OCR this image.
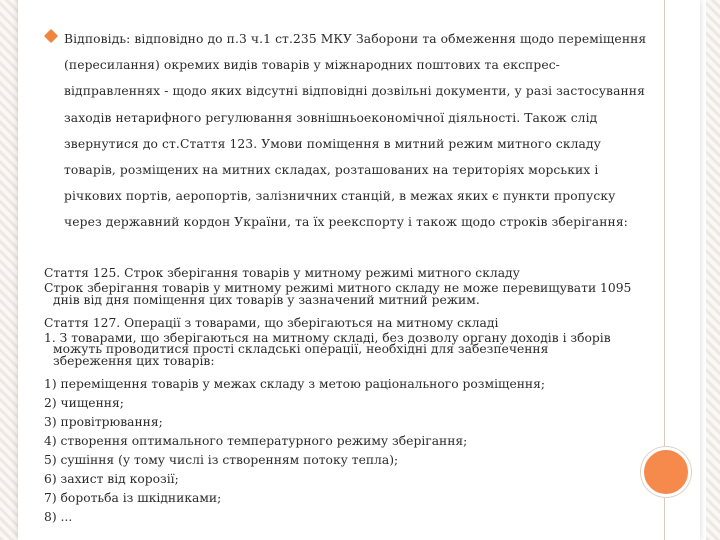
Відповідь: відповідно до п.3 ч.1 ст.235 МКУ Заборони та обмеження щодо переміщення (пересилання) окремих видів товарів у міжнародних поштових та експрес-відправленнях - щодо яких відсутні відповідні дозвільні документи, у разі застосування заходів нетарифного регулювання зовнішньоекономічної діяльності. Також слід звернутися до ст.Стаття 123. Умови поміщення в митний режим митного складу товарів, розміщених на митних складах, розташованих на територіях морських і річкових портів, аеропортів, залізничних станцій, в межах яких є пункти пропуску через державний кордон України, та їх реекспорту і також щодо строків зберігання:
Стаття 125. Строк зберігання товарів у митному режимі митного складу
Строк зберігання товарів у митному режимі митного складу не може перевищувати 1095
днів від дня поміщення цих товарів у зазначений митний режим.
Стаття 127. Операції з товарами, що зберігаються на митному складі
1. З товарами, що зберігаються на митному складі, без дозволу органу доходів і зборів
можуть проводитися прості складські операції, необхідні для забезпечення
збереження цих товарів:
1) переміщення товарів у межах складу з метою раціонального розміщення;
2) чищення;
3) провітрювання;
4) створення оптимального температурного режиму зберігання;
5) сушіння (у тому числі із створенням потоку тепла);
6) захист від корозії;
7) боротьба із шкідниками;
8) ...
